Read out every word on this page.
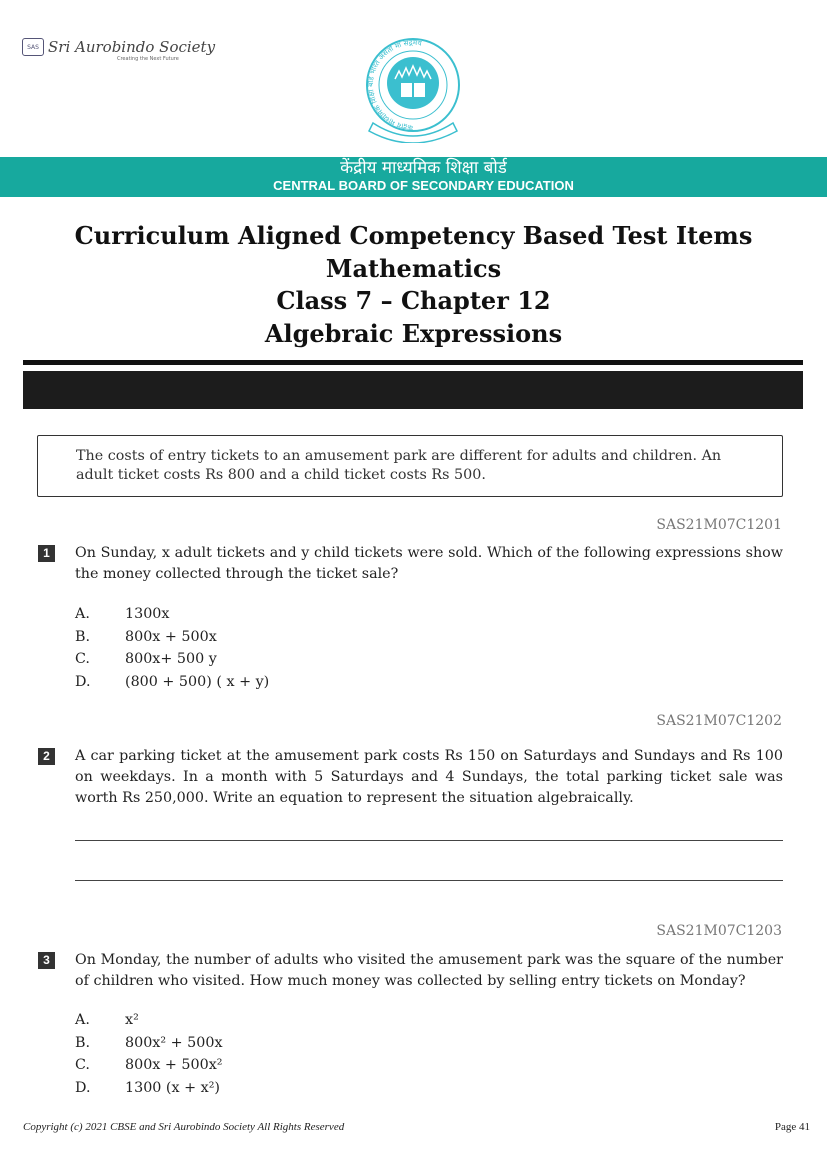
SAS Sri Aurobindo Society
Creating the Next Future
केंद्रीय माध्यमिक शिक्षा बोर्ड भारत असतो मा सद्गमय
केंद्रीय माध्यमिक शिक्षा बोर्ड
CENTRAL BOARD OF SECONDARY EDUCATION
Curriculum Aligned Competency Based Test Items
Mathematics
Class 7 – Chapter 12
Algebraic Expressions
The costs of entry tickets to an amusement park are different for adults and children. An adult ticket costs Rs 800 and a child ticket costs Rs 500.
SAS21M07C1201
1	On Sunday, x adult tickets and y child tickets were sold. Which of the following expressions show the money collected through the ticket sale?
A.	1300x
B.	800x + 500x
C.	800x+ 500 y
D.	(800 + 500) ( x + y)
SAS21M07C1202
2	A car parking ticket at the amusement park costs Rs 150 on Saturdays and Sundays and Rs 100 on weekdays. In a month with 5 Saturdays and 4 Sundays, the total parking ticket sale was worth Rs 250,000. Write an equation to represent the situation algebraically.
SAS21M07C1203
3	On Monday, the number of adults who visited the amusement park was the square of the number of children who visited. How much money was collected by selling entry tickets on Monday?
A.	x²
B.	800x² + 500x
C.	800x + 500x²
D.	1300 (x + x²)
Copyright (c) 2021 CBSE and Sri Aurobindo Society All Rights Reserved	Page 41
